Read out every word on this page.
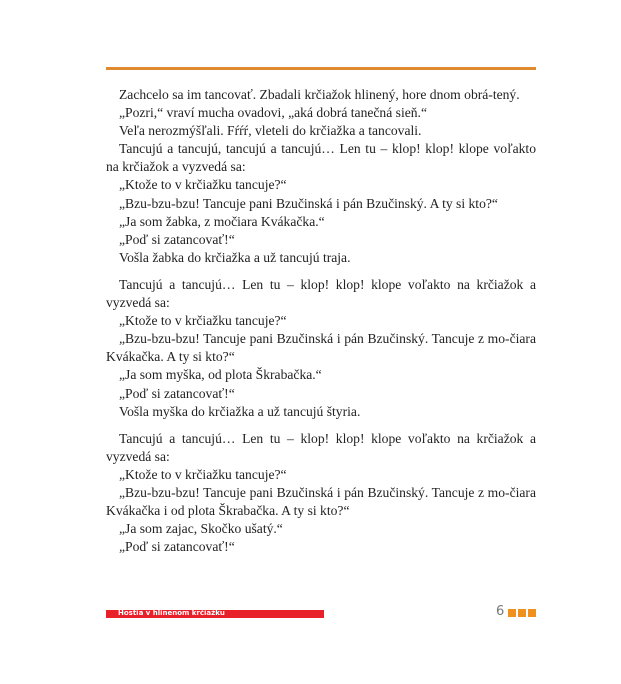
Zachcelo sa im tancovať. Zbadali krčiažok hlinený, hore dnom obrá-tený.

„Pozri,“ vraví mucha ovadovi, „aká dobrá tanečná sieň.“

Veľa nerozmýšľali. Fŕŕŕ, vleteli do krčiažka a tancovali.

Tancujú a tancujú, tancujú a tancujú… Len tu – klop! klop! klope voľakto na krčiažok a vyzvedá sa:

„Ktože to v krčiažku tancuje?“

„Bzu-bzu-bzu! Tancuje pani Bzučinská i pán Bzučinský. A ty si kto?“

„Ja som žabka, z močiara Kvákačka.“

„Poď si zatancovať!“

Vošla žabka do krčiažka a už tancujú traja.

Tancujú a tancujú… Len tu – klop! klop! klope voľakto na krčiažok a vyzvedá sa:

„Ktože to v krčiažku tancuje?“

„Bzu-bzu-bzu! Tancuje pani Bzučinská i pán Bzučinský. Tancuje z mo-čiara Kvákačka. A ty si kto?“

„Ja som myška, od plota Škrabačka.“

„Poď si zatancovať!“

Vošla myška do krčiažka a už tancujú štyria.

Tancujú a tancujú… Len tu – klop! klop! klope voľakto na krčiažok a vyzvedá sa:

„Ktože to v krčiažku tancuje?“

„Bzu-bzu-bzu! Tancuje pani Bzučinská i pán Bzučinský. Tancuje z mo-čiara Kvákačka i od plota Škrabačka. A ty si kto?“

„Ja som zajac, Skočko ušatý.“

„Poď si zatancovať!“

Hostia v hlinenom krčiažku	6
